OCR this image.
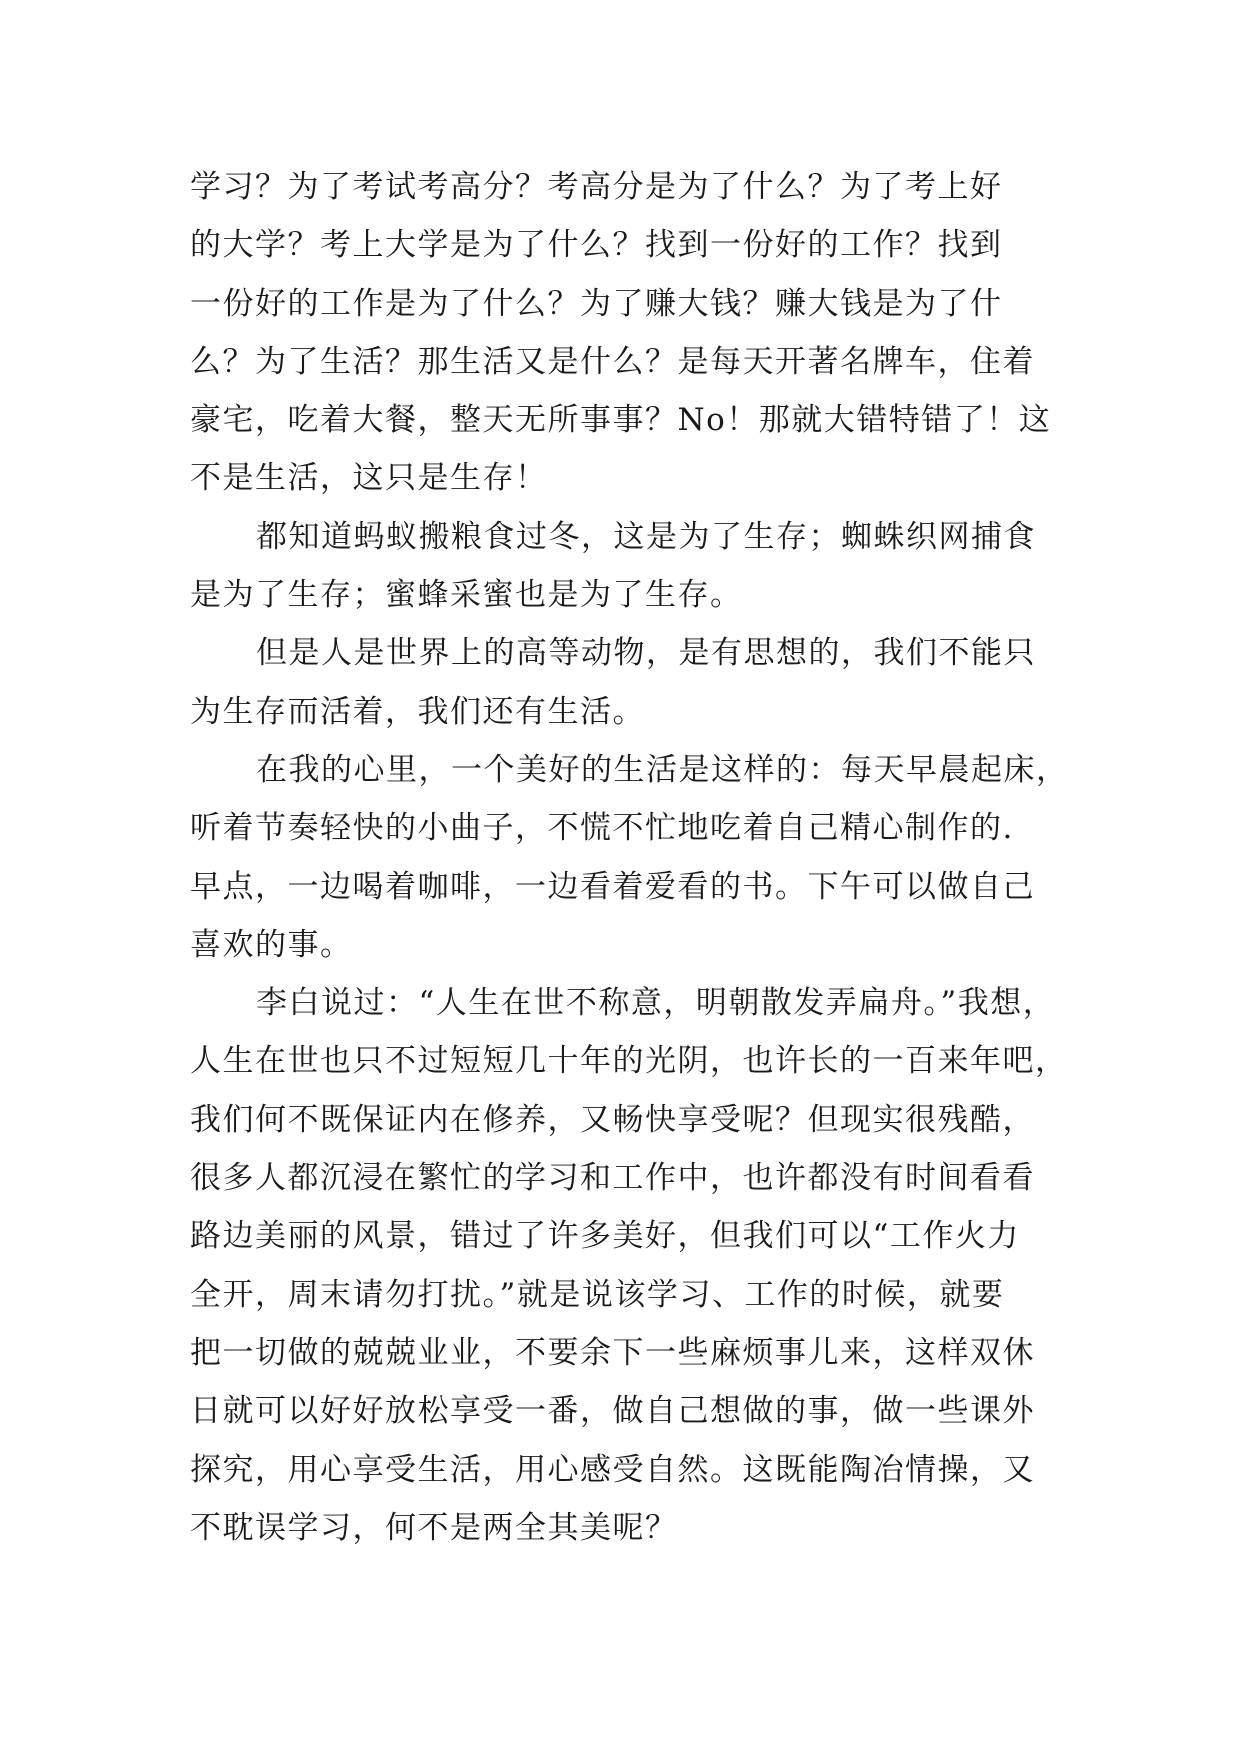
学习？为了考试考高分？考高分是为了什么？为了考上好
的大学？考上大学是为了什么？找到一份好的工作？找到
一份好的工作是为了什么？为了赚大钱？赚大钱是为了什
么？为了生活？那生活又是什么？是每天开著名牌车，住着
豪宅，吃着大餐，整天无所事事？No！那就大错特错了！这
不是生活，这只是生存！
都知道蚂蚁搬粮食过冬，这是为了生存；蜘蛛织网捕食
是为了生存；蜜蜂采蜜也是为了生存。
但是人是世界上的高等动物，是有思想的，我们不能只
为生存而活着，我们还有生活。
在我的心里，一个美好的生活是这样的：每天早晨起床，
听着节奏轻快的小曲子，不慌不忙地吃着自己精心制作的.
早点，一边喝着咖啡，一边看着爱看的书。下午可以做自己
喜欢的事。
李白说过：“人生在世不称意，明朝散发弄扁舟。”我想，
人生在世也只不过短短几十年的光阴，也许长的一百来年吧，
我们何不既保证内在修养，又畅快享受呢？但现实很残酷，
很多人都沉浸在繁忙的学习和工作中，也许都没有时间看看
路边美丽的风景，错过了许多美好，但我们可以“工作火力
全开，周末请勿打扰。”就是说该学习、工作的时候，就要
把一切做的兢兢业业，不要余下一些麻烦事儿来，这样双休
日就可以好好放松享受一番，做自己想做的事，做一些课外
探究，用心享受生活，用心感受自然。这既能陶冶情操，又
不耽误学习，何不是两全其美呢？
